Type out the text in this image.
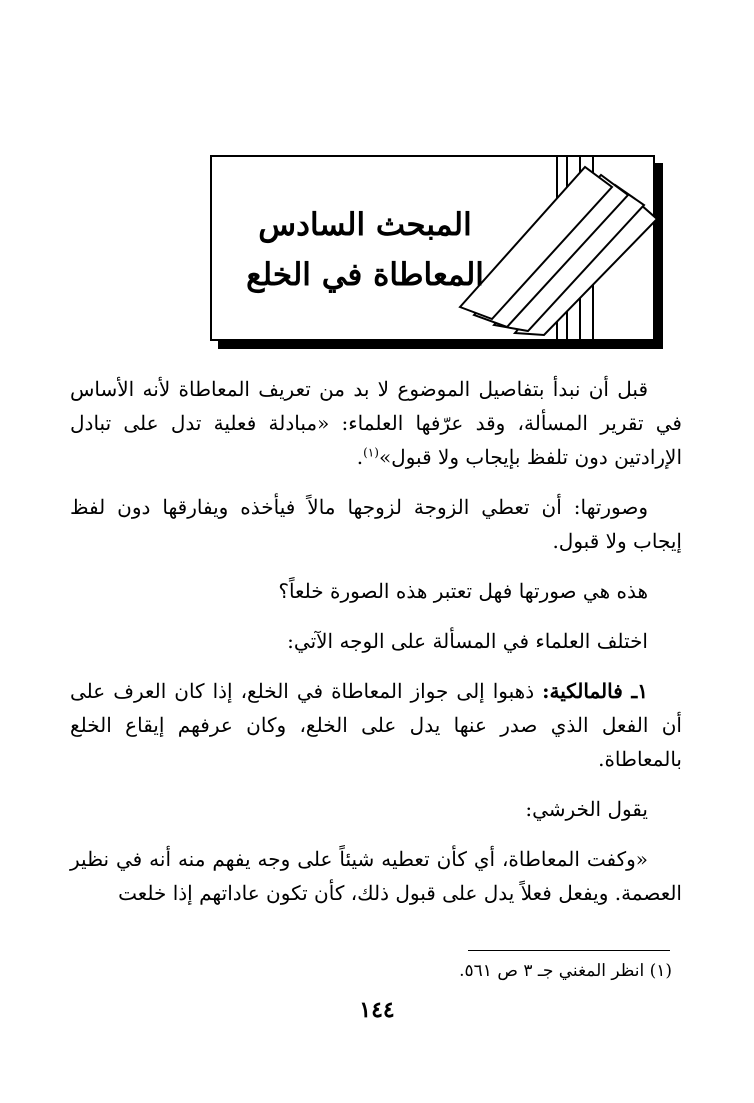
المبحث السادس
المعاطاة في الخلع

قبل أن نبدأ بتفاصيل الموضوع لا بد من تعريف المعاطاة لأنه الأساس في تقرير المسألة، وقد عرّفها العلماء: «مبادلة فعلية تدل على تبادل الإرادتين دون تلفظ بإيجاب ولا قبول»$^{(١)}$.

وصورتها: أن تعطي الزوجة لزوجها مالاً فيأخذه ويفارقها دون لفظ إيجاب ولا قبول.

هذه هي صورتها فهل تعتبر هذه الصورة خلعاً؟

اختلف العلماء في المسألة على الوجه الآتي:

١ـ فالمالكية: ذهبوا إلى جواز المعاطاة في الخلع، إذا كان العرف على أن الفعل الذي صدر عنها يدل على الخلع، وكان عرفهم إيقاع الخلع بالمعاطاة.

يقول الخرشي:

«وكفت المعاطاة، أي كأن تعطيه شيئاً على وجه يفهم منه أنه في نظير العصمة. ويفعل فعلاً يدل على قبول ذلك، كأن تكون عاداتهم إذا خلعت

(١) انظر المغني جـ ٣ ص ٥٦١.
١٤٤
